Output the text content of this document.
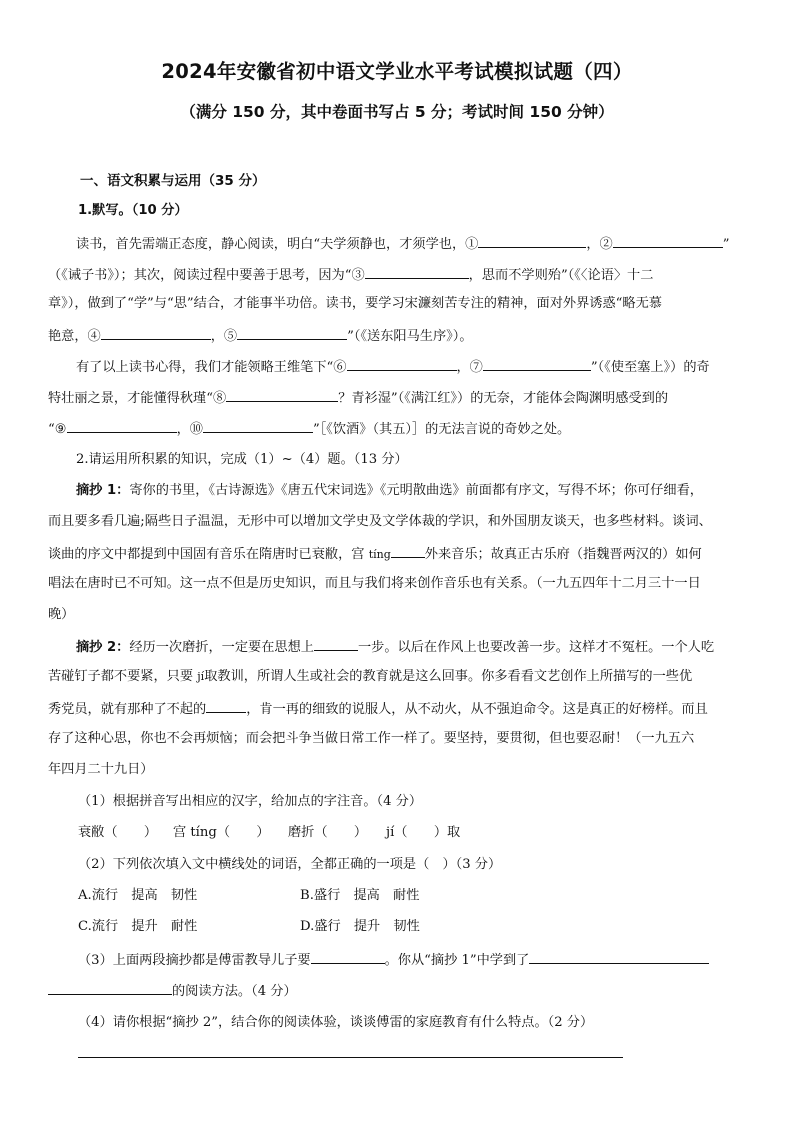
2024年安徽省初中语文学业水平考试模拟试题（四）
（满分 150 分，其中卷面书写占 5 分；考试时间 150 分钟）
一、语文积累与运用（35 分）
1.默写。（10 分）
读书，首先需端正态度，静心阅读，明白“夫学须静也，才须学也，①	，②	”
（《诫子书》）；其次，阅读过程中要善于思考，因为“③	，思而不学则殆”（《〈论语〉十二
章》），做到了“学”与“思”结合，才能事半功倍。读书，要学习宋濂刻苦专注的精神，面对外界诱惑“略无慕
艳意，④	，⑤	”（《送东阳马生序》）。
有了以上读书心得，我们才能领略王维笔下“⑥	，⑦	”（《使至塞上》）的奇
特壮丽之景，才能懂得秋瑾“⑧	？青衫湿”（《满江红》）的无奈，才能体会陶渊明感受到的
“⑨	，⑩	”［《饮酒》（其五）］的无法言说的奇妙之处。
2.请运用所积累的知识，完成（1）~（4）题。（13 分）
摘抄 1：寄你的书里，《古诗源选》《唐五代宋词选》《元明散曲选》前面都有序文，写得不坏；你可仔细看，
而且要多看几遍;隔些日子温温，无形中可以增加文学史及文学体裁的学识，和外国朋友谈天，也多些材料。谈词、
谈曲的序文中都提到中国固有音乐在隋唐时已衰敝，宫 tíng	外来音乐；故真正古乐府（指魏晋两汉的）如何
唱法在唐时已不可知。这一点不但是历史知识，而且与我们将来创作音乐也有关系。（一九五四年十二月三十一日
晚）
摘抄 2：经历一次磨折，一定要在思想上	一步。以后在作风上也要改善一步。这样才不冤枉。一个人吃
苦碰钉子都不要紧，只要 jí取教训，所谓人生或社会的教育就是这么回事。你多看看文艺创作上所描写的一些优
秀党员，就有那种了不起的	，肯一再的细致的说服人，从不动火，从不强迫命令。这是真正的好榜样。而且
存了这种心思，你也不会再烦恼；而会把斗争当做日常工作一样了。要坚持，要贯彻，但也要忍耐！（一九五六
年四月二十九日）
（1）根据拼音写出相应的汉字，给加点的字注音。（4 分）
衰敝（　　） 宫 tíng（　　） 磨折（　　） jí（　　）取
（2）下列依次填入文中横线处的词语，全都正确的一项是（　）（3 分）
A.流行　提高　韧性	B.盛行　提高　耐性
C.流行　提升　耐性	D.盛行　提升　韧性
（3）上面两段摘抄都是傅雷教导儿子要	。你从“摘抄 1”中学到了
的阅读方法。（4 分）
（4）请你根据“摘抄 2”，结合你的阅读体验，谈谈傅雷的家庭教育有什么特点。（2 分）
